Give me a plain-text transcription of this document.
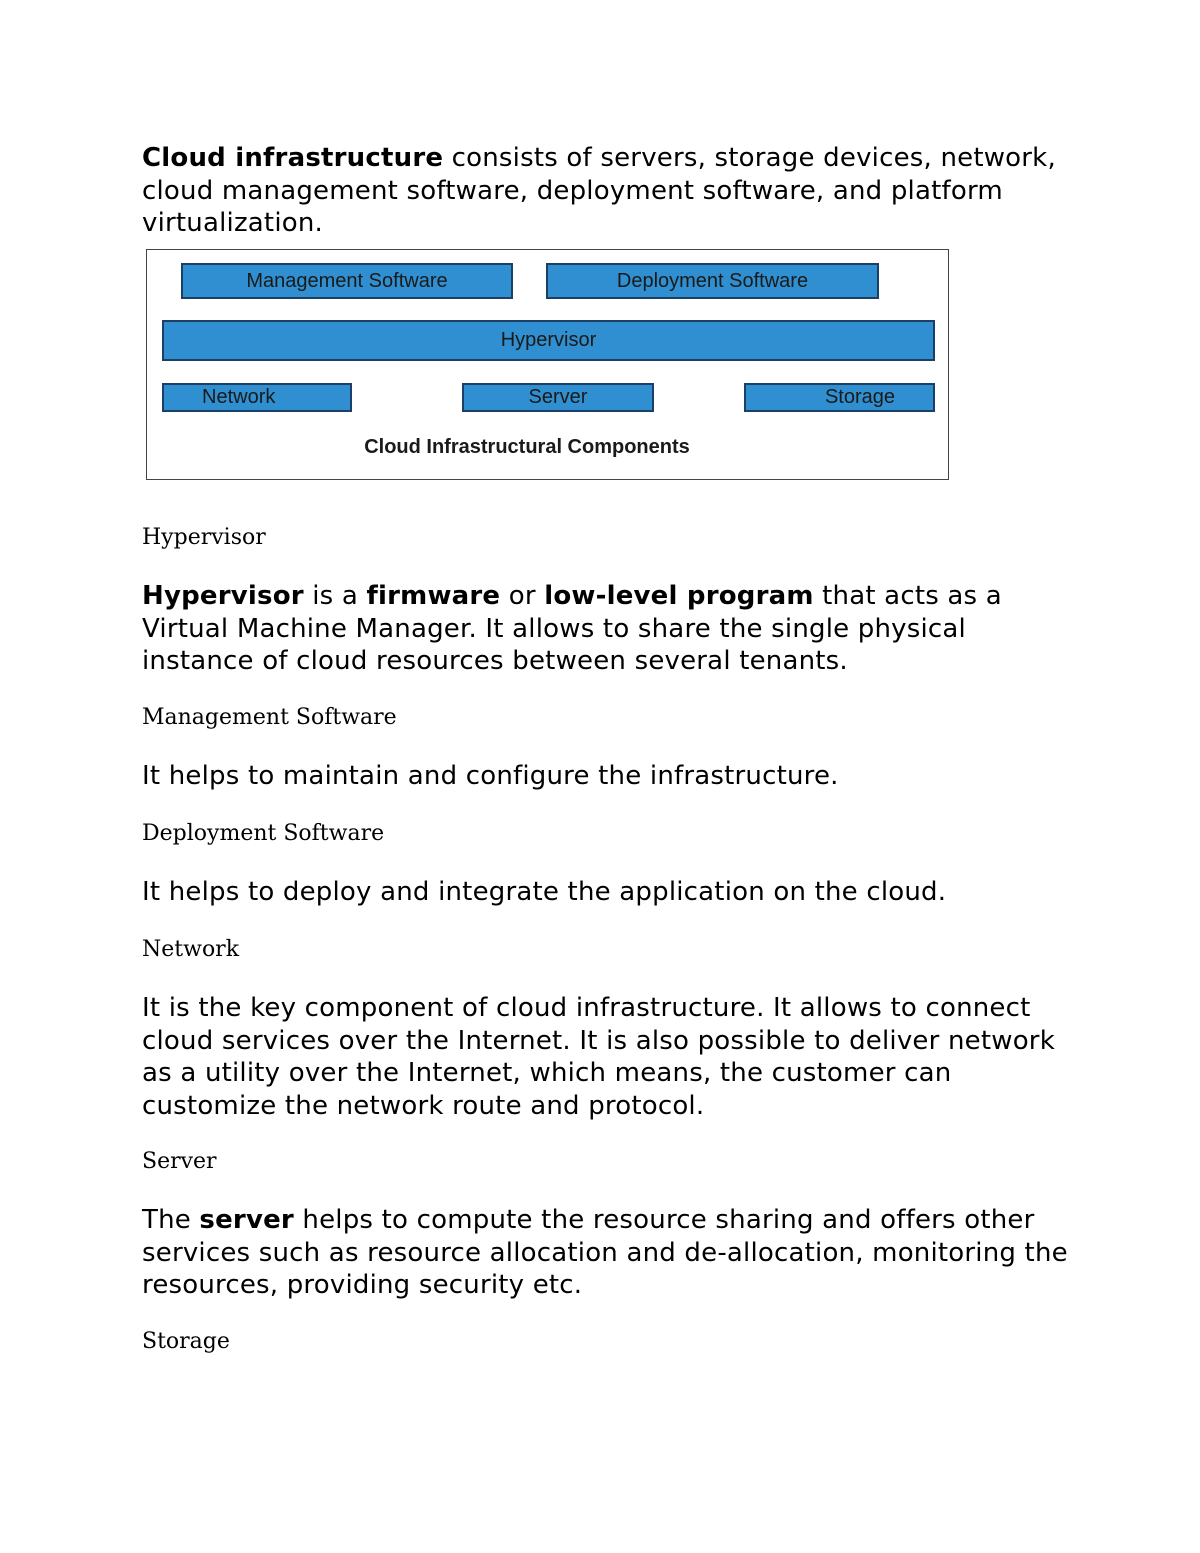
Cloud infrastructure consists of servers, storage devices, network, cloud management software, deployment software, and platform virtualization.

Management Software	Deployment Software
Hypervisor
Network	Server	Storage
Cloud Infrastructural Components
Hypervisor

Hypervisor is a firmware or low-level program that acts as a Virtual Machine Manager. It allows to share the single physical instance of cloud resources between several tenants.

Management Software

It helps to maintain and configure the infrastructure.

Deployment Software

It helps to deploy and integrate the application on the cloud.

Network

It is the key component of cloud infrastructure. It allows to connect cloud services over the Internet. It is also possible to deliver network as a utility over the Internet, which means, the customer can customize the network route and protocol.

Server

The server helps to compute the resource sharing and offers other services such as resource allocation and de-allocation, monitoring the resources, providing security etc.

Storage
